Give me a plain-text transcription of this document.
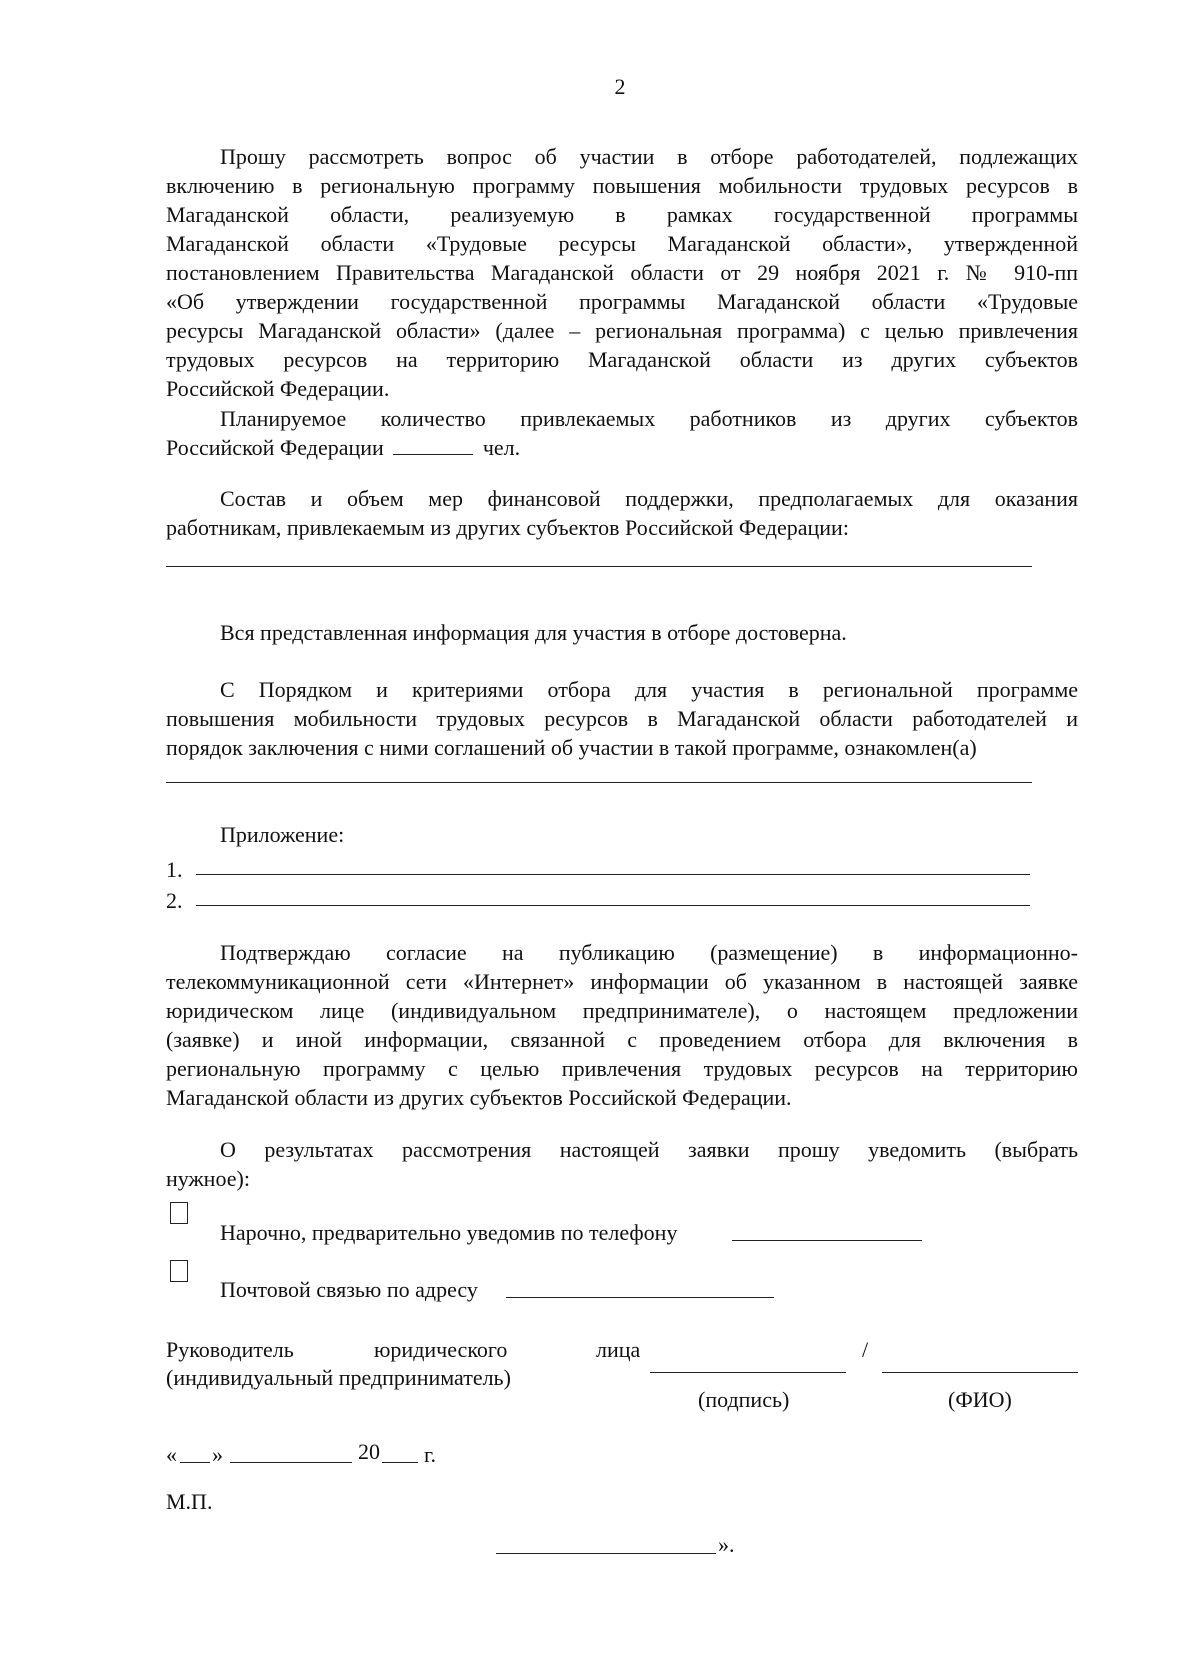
2
Прошу рассмотреть вопрос об участии в отборе работодателей, подлежащих
включению в региональную программу повышения мобильности трудовых ресурсов в
Магаданской области, реализуемую в рамках государственной программы
Магаданской области «Трудовые ресурсы Магаданской области», утвержденной
постановлением Правительства Магаданской области от 29 ноября 2021 г. № 910-пп
«Об утверждении государственной программы Магаданской области «Трудовые
ресурсы Магаданской области» (далее – региональная программа) с целью привлечения
трудовых ресурсов на территорию Магаданской области из других субъектов
Российской Федерации.
Планируемое количество привлекаемых работников из других субъектов
Российской Федерации	чел.
Состав и объем мер финансовой поддержки, предполагаемых для оказания
работникам, привлекаемым из других субъектов Российской Федерации:
Вся представленная информация для участия в отборе достоверна.
С Порядком и критериями отбора для участия в региональной программе
повышения мобильности трудовых ресурсов в Магаданской области работодателей и
порядок заключения с ними соглашений об участии в такой программе, ознакомлен(а)
Приложение:
1.
2.
Подтверждаю согласие на публикацию (размещение) в информационно-
телекоммуникационной сети «Интернет» информации об указанном в настоящей заявке
юридическом лице (индивидуальном предпринимателе), о настоящем предложении
(заявке) и иной информации, связанной с проведением отбора для включения в
региональную программу с целью привлечения трудовых ресурсов на территорию
Магаданской области из других субъектов Российской Федерации.
О результатах рассмотрения настоящей заявки прошу уведомить (выбрать
нужное):
Нарочно, предварительно уведомив по телефону
Почтовой связью по адресу
Руководитель	юридического	лица
(индивидуальный предприниматель)
/
(подпись)	(ФИО)
« »	20 г.
М.П.
».
